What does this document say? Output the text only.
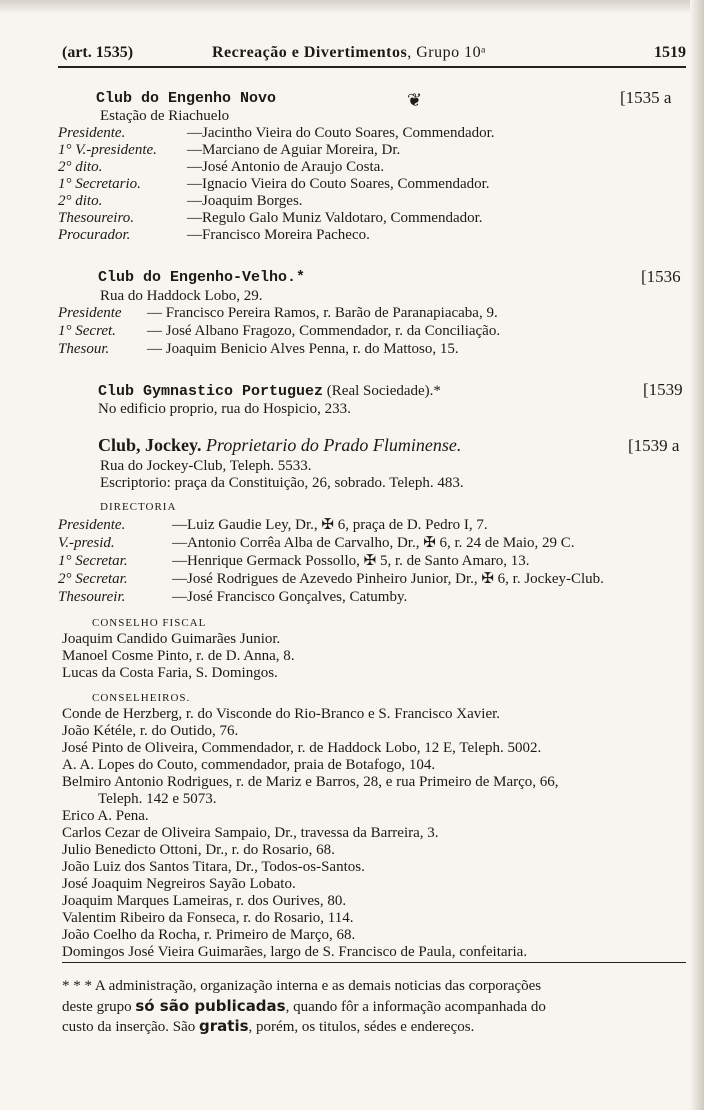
(art. 1535)	Recreação e Divertimentos, Grupo 10ᵃ	1519
Club do Engenho Novo	❦	[1535 a
Estação de Riachuelo
Presidente.	—Jacintho Vieira do Couto Soares, Commendador.
1° V.-presidente. —Marciano de Aguiar Moreira, Dr.
2° dito.	—José Antonio de Araujo Costa.
1° Secretario.	—Ignacio Vieira do Couto Soares, Commendador.
2° dito.	—Joaquim Borges.
Thesoureiro.	—Regulo Galo Muniz Valdotaro, Commendador.
Procurador.	—Francisco Moreira Pacheco.
Club do Engenho-Velho.*	[1536
Rua do Haddock Lobo, 29.
Presidente — Francisco Pereira Ramos, r. Barão de Paranapiacaba, 9.
1° Secret. — José Albano Fragozo, Commendador, r. da Conciliação.
Thesour.	— Joaquim Benicio Alves Penna, r. do Mattoso, 15.
Club Gymnastico Portuguez (Real Sociedade).*	[1539
No edificio proprio, rua do Hospicio, 233.
Club, Jockey. Proprietario do Prado Fluminense.	[1539 a
Rua do Jockey-Club, Teleph. 5533.
Escriptorio: praça da Constituição, 26, sobrado. Teleph. 483.
DIRECTORIA
Presidente.	—Luiz Gaudie Ley, Dr., ✠ 6, praça de D. Pedro I, 7.
V.-presid.	—Antonio Corrêa Alba de Carvalho, Dr., ✠ 6, r. 24 de Maio, 29 C.
1° Secretar.	—Henrique Germack Possollo, ✠ 5, r. de Santo Amaro, 13.
2° Secretar.	—José Rodrigues de Azevedo Pinheiro Junior, Dr., ✠ 6, r. Jockey-Club.
Thesoureir.	—José Francisco Gonçalves, Catumby.
CONSELHO FISCAL
Joaquim Candido Guimarães Junior.
Manoel Cosme Pinto, r. de D. Anna, 8.
Lucas da Costa Faria, S. Domingos.
CONSELHEIROS.
Conde de Herzberg, r. do Visconde do Rio-Branco e S. Francisco Xavier.
João Kétéle, r. do Outido, 76.
José Pinto de Oliveira, Commendador, r. de Haddock Lobo, 12 E, Teleph. 5002.
A. A. Lopes do Couto, commendador, praia de Botafogo, 104.
Belmiro Antonio Rodrigues, r. de Mariz e Barros, 28, e rua Primeiro de Março, 66,
Teleph. 142 e 5073.
Erico A. Pena.
Carlos Cezar de Oliveira Sampaio, Dr., travessa da Barreira, 3.
Julio Benedicto Ottoni, Dr., r. do Rosario, 68.
João Luiz dos Santos Titara, Dr., Todos-os-Santos.
José Joaquim Negreiros Sayão Lobato.
Joaquim Marques Lameiras, r. dos Ourives, 80.
Valentim Ribeiro da Fonseca, r. do Rosario, 114.
João Coelho da Rocha, r. Primeiro de Março, 68.
Domingos José Vieira Guimarães, largo de S. Francisco de Paula, confeitaria.
* * * A administração, organização interna e as demais noticias das corporações
deste grupo só são publicadas, quando fôr a informação acompanhada do
custo da inserção. São gratis, porém, os titulos, sédes e endereços.
